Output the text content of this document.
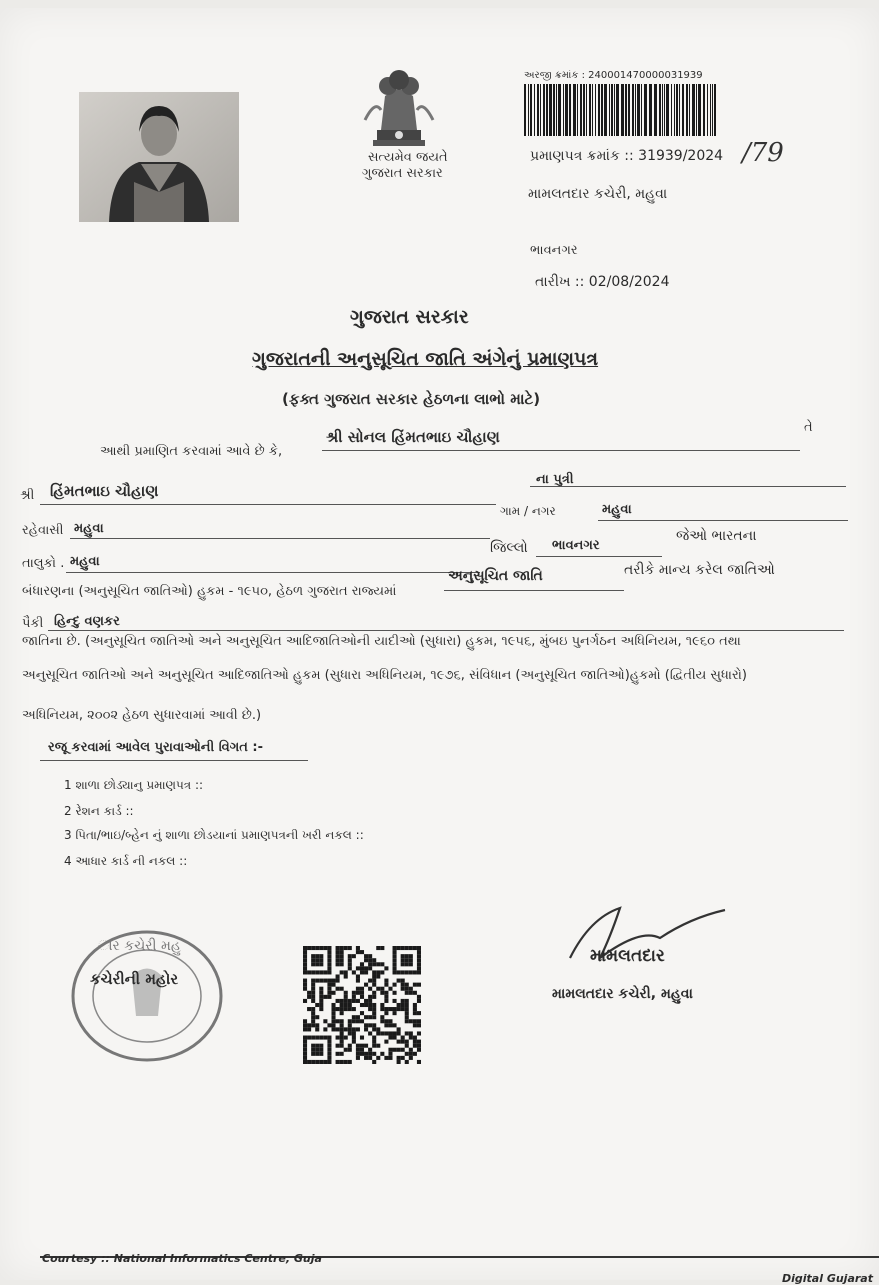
સત્યમેવ જયતે
ગુજરાત સરકાર
અરજી ક્રમાંક : 240001470000031939
પ્રમાણપત્ર ક્રમાંક :: 31939/2024 /79
મામલતદાર કચેરી, મહુવા
ભાવનગર
તારીખ :: 02/08/2024
ગુજરાત સરકાર
ગુજરાતની અનુસૂચિત જાતિ અંગેનું પ્રમાણપત્ર
(ફક્ત ગુજરાત સરકાર હેઠળના લાભો માટે)
આથી પ્રમાણિત કરવામાં આવે છે કે,
શ્રી સોનલ હિંમતભાઇ ચૌહાણ
તે
શ્રી હિંમતભાઇ ચૌહાણ
ના પુત્રી
ગામ / નગર	મહુવા
રહેવાસી મહુવા
જિલ્લો ભાવનગર
જેઓ ભારતના
તાલુકો . મહુવા
બંધારણના (અનુસૂચિત જાતિઓ) હુકમ - ૧૯૫૦, હેઠળ ગુજરાત રાજ્યમાં
અનુસૂચિત જાતિ	તરીકે માન્ય કરેલ જાતિઓ
પૈકી હિન્દુ વણકર
જાતિના છે. (અનુસૂચિત જાતિઓ અને અનુસૂચિત આદિજાતિઓની યાદીઓ (સુધારા) હુકમ, ૧૯૫૬, મુંબઇ પુનર્ગઠન અધિનિયમ, ૧૯૬૦ તથા
અનુસૂચિત જાતિઓ અને અનુસૂચિત આદિજાતિઓ હુકમ (સુધારા અધિનિયમ, ૧૯૭૬, સંવિધાન (અનુસૂચિત જાતિઓ)હુકમો (દ્વિતીય સુધારો)
અધિનિયમ, ૨૦૦૨ હેઠળ સુધારવામાં આવી છે.)
રજૂ કરવામાં આવેલ પુરાવાઓની વિગત :-
1 શાળા છોડ્યાનુ પ્રમાણપત્ર ::
2 રેશન કાર્ડ ::
3 પિતા/ભાઇ/બ્હેન નું શાળા છોડયાનાં પ્રમાણપત્રની ખરી નકલ ::
4 આધાર કાર્ડ ની નકલ ::
ાર કચેરી મહુ
કચેરીની મહોર
મામલતદાર
મામલતદાર કચેરી, મહુવા
Courtesy :: National Informatics Centre, Guja
Digital Gujarat
